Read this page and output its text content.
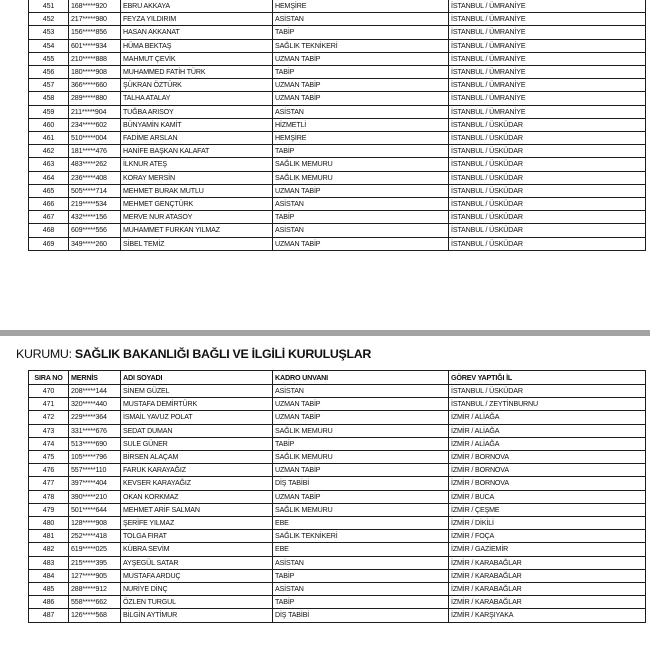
451	168*****920	EBRU AKKAYA	HEMŞİRE	İSTANBUL / ÜMRANİYE
452	217*****980	FEYZA YILDIRIM	ASİSTAN	İSTANBUL / ÜMRANİYE
453	156*****856	HASAN AKKANAT	TABİP	İSTANBUL / ÜMRANİYE
454	601*****934	HÜMA BEKTAŞ	SAĞLIK TEKNİKERİ	İSTANBUL / ÜMRANİYE
455	210*****888	MAHMUT ÇEVİK	UZMAN TABİP	İSTANBUL / ÜMRANİYE
456	180*****908	MUHAMMED FATİH TÜRK	TABİP	İSTANBUL / ÜMRANİYE
457	366*****660	ŞÜKRAN ÖZTÜRK	UZMAN TABİP	İSTANBUL / ÜMRANİYE
458	289*****880	TALHA ATALAY	UZMAN TABİP	İSTANBUL / ÜMRANİYE
459	211*****904	TUĞBA ARISOY	ASİSTAN	İSTANBUL / ÜMRANİYE
460	234*****602	BÜNYAMİN KAMİT	HİZMETLİ	İSTANBUL / ÜSKÜDAR
461	510*****004	FADİME ARSLAN	HEMŞİRE	İSTANBUL / ÜSKÜDAR
462	181*****476	HANİFE BAŞKAN KALAFAT	TABİP	İSTANBUL / ÜSKÜDAR
463	483*****262	İLKNUR ATEŞ	SAĞLIK MEMURU	İSTANBUL / ÜSKÜDAR
464	236*****408	KORAY MERSİN	SAĞLIK MEMURU	İSTANBUL / ÜSKÜDAR
465	505*****714	MEHMET BURAK MUTLU	UZMAN TABİP	İSTANBUL / ÜSKÜDAR
466	219*****534	MEHMET GENÇTÜRK	ASİSTAN	İSTANBUL / ÜSKÜDAR
467	432*****156	MERVE NUR ATASOY	TABİP	İSTANBUL / ÜSKÜDAR
468	609*****556	MUHAMMET FURKAN YILMAZ	ASİSTAN	İSTANBUL / ÜSKÜDAR
469	349*****260	SİBEL TEMİZ	UZMAN TABİP	İSTANBUL / ÜSKÜDAR
KURUMU: SAĞLIK BAKANLIĞI BAĞLI VE İLGİLİ KURULUŞLAR
SIRA NO	MERNİS	ADI SOYADI	KADRO UNVANI	GÖREV YAPTIĞI İL
470	208*****144	SİNEM GÜZEL	ASİSTAN	İSTANBUL / ÜSKÜDAR
471	320*****440	MUSTAFA DEMİRTÜRK	UZMAN TABİP	İSTANBUL / ZEYTİNBURNU
472	229*****364	İSMAİL YAVUZ POLAT	UZMAN TABİP	İZMİR / ALİAĞA
473	331*****676	SEDAT DUMAN	SAĞLIK MEMURU	İZMİR / ALİAĞA
474	513*****690	SULE GÜNER	TABİP	İZMİR / ALİAĞA
475	105*****796	BİRSEN ALAÇAM	SAĞLIK MEMURU	İZMİR / BORNOVA
476	557*****110	FARUK KARAYAĞIZ	UZMAN TABİP	İZMİR / BORNOVA
477	397*****404	KEVSER KARAYAĞIZ	DİŞ TABİBİ	İZMİR / BORNOVA
478	390*****210	OKAN KORKMAZ	UZMAN TABİP	İZMİR / BUCA
479	501*****644	MEHMET ARİF SALMAN	SAĞLIK MEMURU	İZMİR / ÇEŞME
480	128*****908	ŞERİFE YILMAZ	EBE	İZMİR / DİKİLİ
481	252*****418	TOLGA FIRAT	SAĞLIK TEKNİKERİ	İZMİR / FOÇA
482	619*****025	KÜBRA SEVİM	EBE	İZMİR / GAZİEMİR
483	215*****395	AYŞEGÜL SATAR	ASİSTAN	İZMİR / KARABAĞLAR
484	127*****905	MUSTAFA ARDUÇ	TABİP	İZMİR / KARABAĞLAR
485	288*****912	NURİYE DİNÇ	ASİSTAN	İZMİR / KARABAĞLAR
486	558*****662	ÖZLEN TURGUL	TABİP	İZMİR / KARABAĞLAR
487	126*****568	BİLGİN AYTİMUR	DİŞ TABİBİ	İZMİR / KARŞIYAKA
